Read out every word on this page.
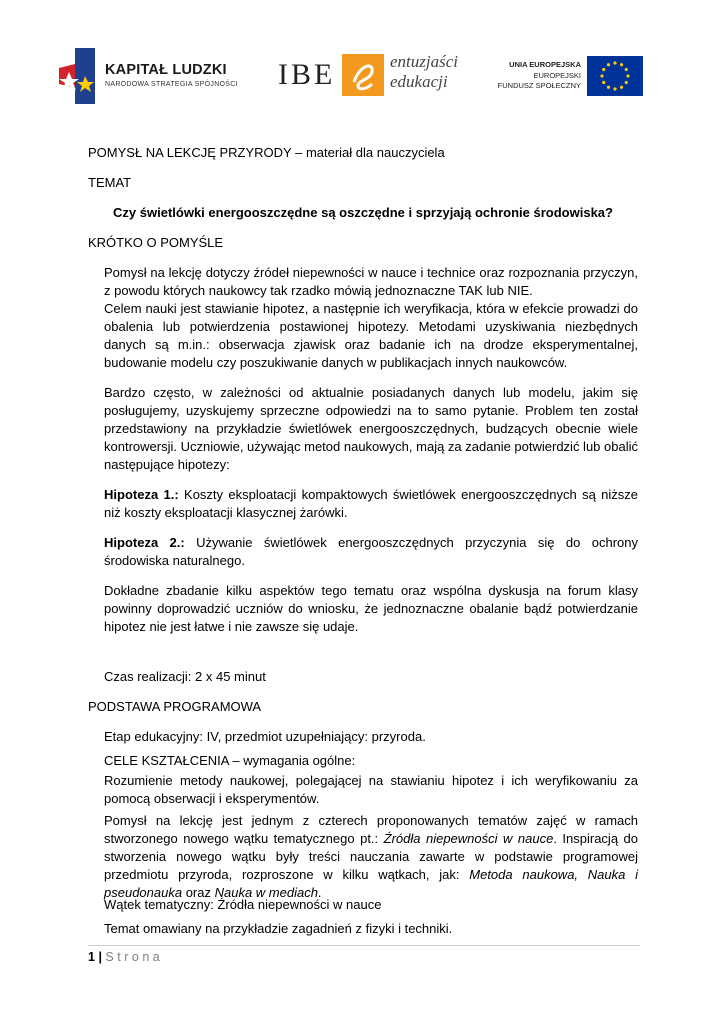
KAPITAŁ LUDZKI
NARODOWA STRATEGIA SPÓJNOŚCI IBE	entuzjaści
edukacji
UNIA EUROPEJSKA
EUROPEJSKI
FUNDUSZ SPOŁECZNY
POMYSŁ NA LEKCJĘ PRZYRODY – materiał dla nauczyciela
TEMAT
Czy świetlówki energooszczędne są oszczędne i sprzyjają ochronie środowiska?
KRÓTKO O POMYŚLE
Pomysł na lekcję dotyczy źródeł niepewności w nauce i technice oraz rozpoznania przyczyn, z powodu których naukowcy tak rzadko mówią jednoznaczne TAK lub NIE.
Celem nauki jest stawianie hipotez, a następnie ich weryfikacja, która w efekcie prowadzi do obalenia lub potwierdzenia postawionej hipotezy. Metodami uzyskiwania niezbędnych danych są m.in.: obserwacja zjawisk oraz badanie ich na drodze eksperymentalnej, budowanie modelu czy poszukiwanie danych w publikacjach innych naukowców.
Bardzo często, w zależności od aktualnie posiadanych danych lub modelu, jakim się posługujemy, uzyskujemy sprzeczne odpowiedzi na to samo pytanie. Problem ten został przedstawiony na przykładzie świetlówek energooszczędnych, budzących obecnie wiele kontrowersji. Uczniowie, używając metod naukowych, mają za zadanie potwierdzić lub obalić następujące hipotezy:
Hipoteza 1.: Koszty eksploatacji kompaktowych świetlówek energooszczędnych są niższe niż koszty eksploatacji klasycznej żarówki.
Hipoteza 2.: Używanie świetlówek energooszczędnych przyczynia się do ochrony środowiska naturalnego.
Dokładne zbadanie kilku aspektów tego tematu oraz wspólna dyskusja na forum klasy powinny doprowadzić uczniów do wniosku, że jednoznaczne obalanie bądź potwierdzanie hipotez nie jest łatwe i nie zawsze się udaje.
Czas realizacji: 2 x 45 minut
PODSTAWA PROGRAMOWA
Etap edukacyjny: IV, przedmiot uzupełniający: przyroda.
CELE KSZTAŁCENIA – wymagania ogólne:
Rozumienie metody naukowej, polegającej na stawianiu hipotez i ich weryfikowaniu za pomocą obserwacji i eksperymentów.
Pomysł na lekcję jest jednym z czterech proponowanych tematów zajęć w ramach stworzonego nowego wątku tematycznego pt.: Źródła niepewności w nauce. Inspiracją do stworzenia nowego wątku były treści nauczania zawarte w podstawie programowej przedmiotu przyroda, rozproszone w kilku wątkach, jak: Metoda naukowa, Nauka i pseudonauka oraz Nauka w mediach.
Wątek tematyczny: Źródła niepewności w nauce
Temat omawiany na przykładzie zagadnień z fizyki i techniki.
1 | Strona
